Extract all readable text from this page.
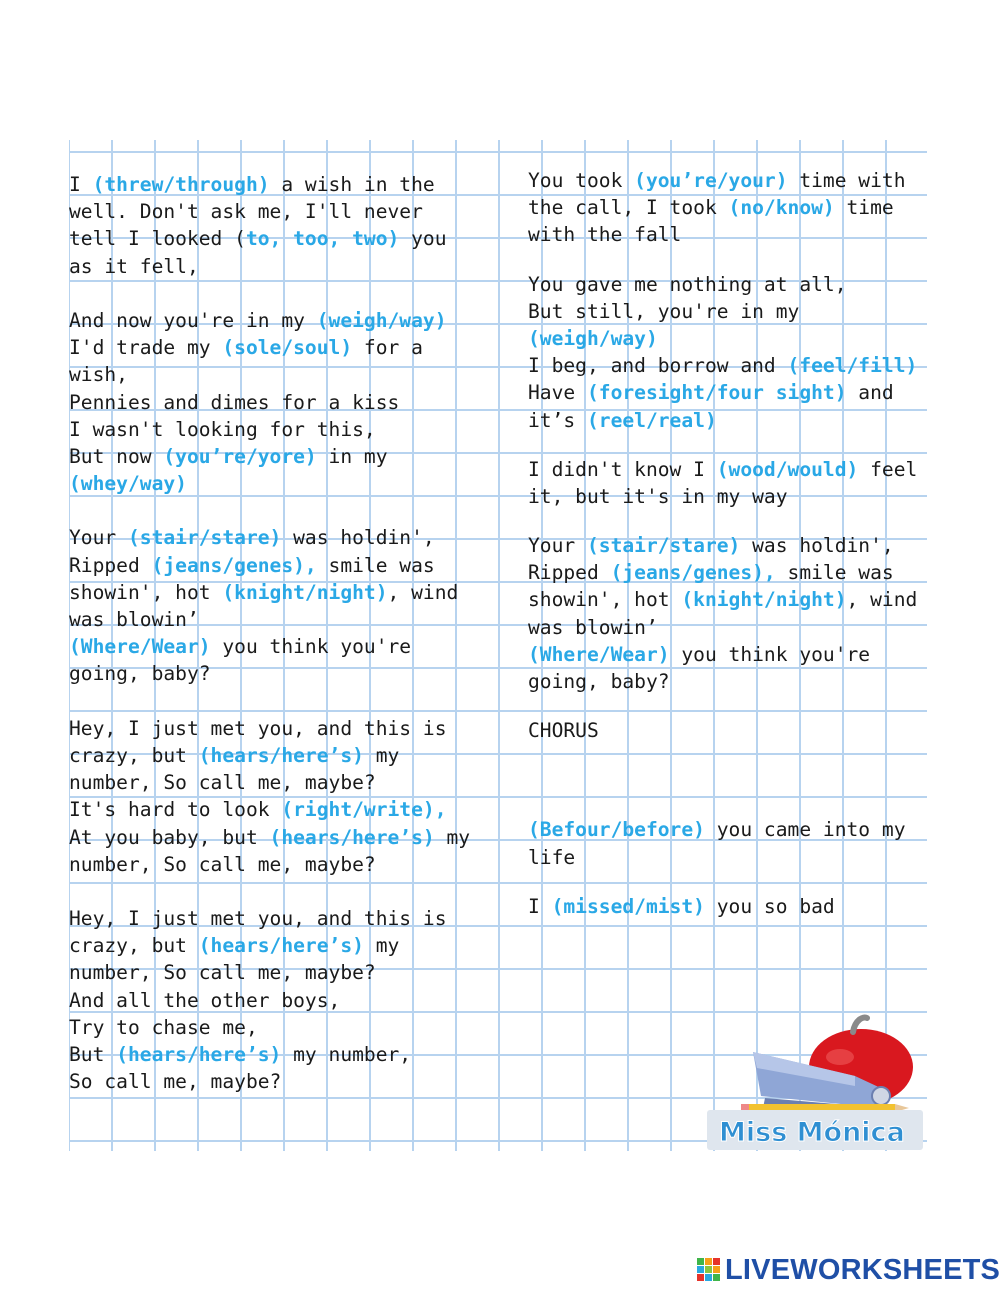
I (threw/through) a wish in the
well. Don't ask me, I'll never
tell I looked (to, too, two) you
as it fell,
And now you're in my (weigh/way)
I'd trade my (sole/soul) for a
wish,
Pennies and dimes for a kiss
I wasn't looking for this,
But now (you’re/yore) in my
(whey/way)
Your (stair/stare) was holdin',
Ripped (jeans/genes), smile was
showin', hot (knight/night), wind
was blowin’
(Where/Wear) you think you're
going, baby?
Hey, I just met you, and this is
crazy, but (hears/here’s) my
number, So call me, maybe?
It's hard to look (right/write),
At you baby, but (hears/here’s) my
number, So call me, maybe?
Hey, I just met you, and this is
crazy, but (hears/here’s) my
number, So call me, maybe?
And all the other boys,
Try to chase me,
But (hears/here’s) my number,
So call me, maybe?
You took (you’re/your) time with
the call, I took (no/know) time
with the fall
You gave me nothing at all,
But still, you're in my
(weigh/way)
I beg, and borrow and (feel/fill)
Have (foresight/four sight) and
it’s (reel/real)
I didn't know I (wood/would) feel
it, but it's in my way
Your (stair/stare) was holdin',
Ripped (jeans/genes), smile was
showin', hot (knight/night), wind
was blowin’
(Where/Wear) you think you're
going, baby?
CHORUS
(Befour/before) you came into my
life
I (missed/mist) you so bad
Miss Mónica
LIVEWORKSHEETS
